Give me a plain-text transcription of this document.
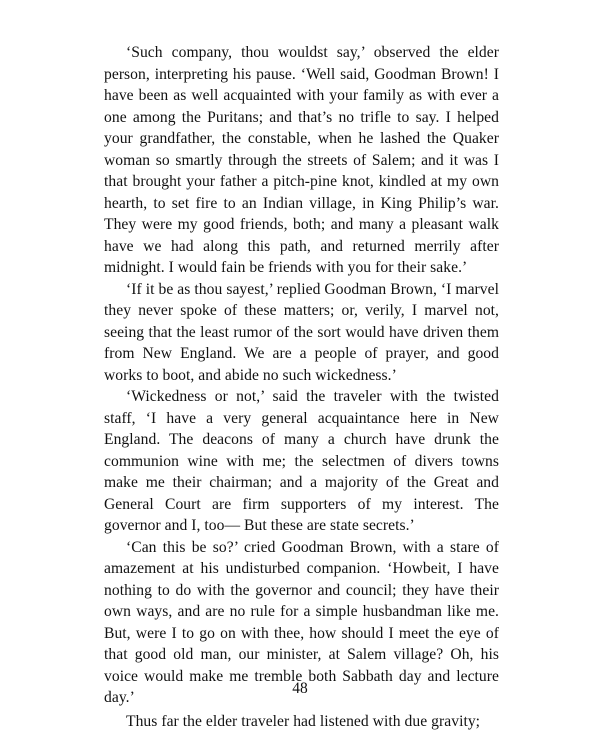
‘Such company, thou wouldst say,’ observed the elder person, interpreting his pause. ‘Well said, Goodman Brown! I have been as well acquainted with your family as with ever a one among the Puritans; and that’s no trifle to say. I helped your grandfather, the constable, when he lashed the Quaker woman so smartly through the streets of Salem; and it was I that brought your father a pitch-pine knot, kindled at my own hearth, to set fire to an Indian village, in King Philip’s war. They were my good friends, both; and many a pleasant walk have we had along this path, and returned merrily after midnight. I would fain be friends with you for their sake.’

‘If it be as thou sayest,’ replied Goodman Brown, ‘I marvel they never spoke of these matters; or, verily, I marvel not, seeing that the least rumor of the sort would have driven them from New England. We are a people of prayer, and good works to boot, and abide no such wickedness.’

‘Wickedness or not,’ said the traveler with the twisted staff, ‘I have a very general acquaintance here in New England. The deacons of many a church have drunk the communion wine with me; the selectmen of divers towns make me their chairman; and a majority of the Great and General Court are firm supporters of my interest. The governor and I, too— But these are state secrets.’

‘Can this be so?’ cried Goodman Brown, with a stare of amazement at his undisturbed companion. ‘Howbeit, I have nothing to do with the governor and council; they have their own ways, and are no rule for a simple husbandman like me. But, were I to go on with thee, how should I meet the eye of that good old man, our minister, at Salem village? Oh, his voice would make me tremble both Sabbath day and lecture day.’

Thus far the elder traveler had listened with due gravity;

48
